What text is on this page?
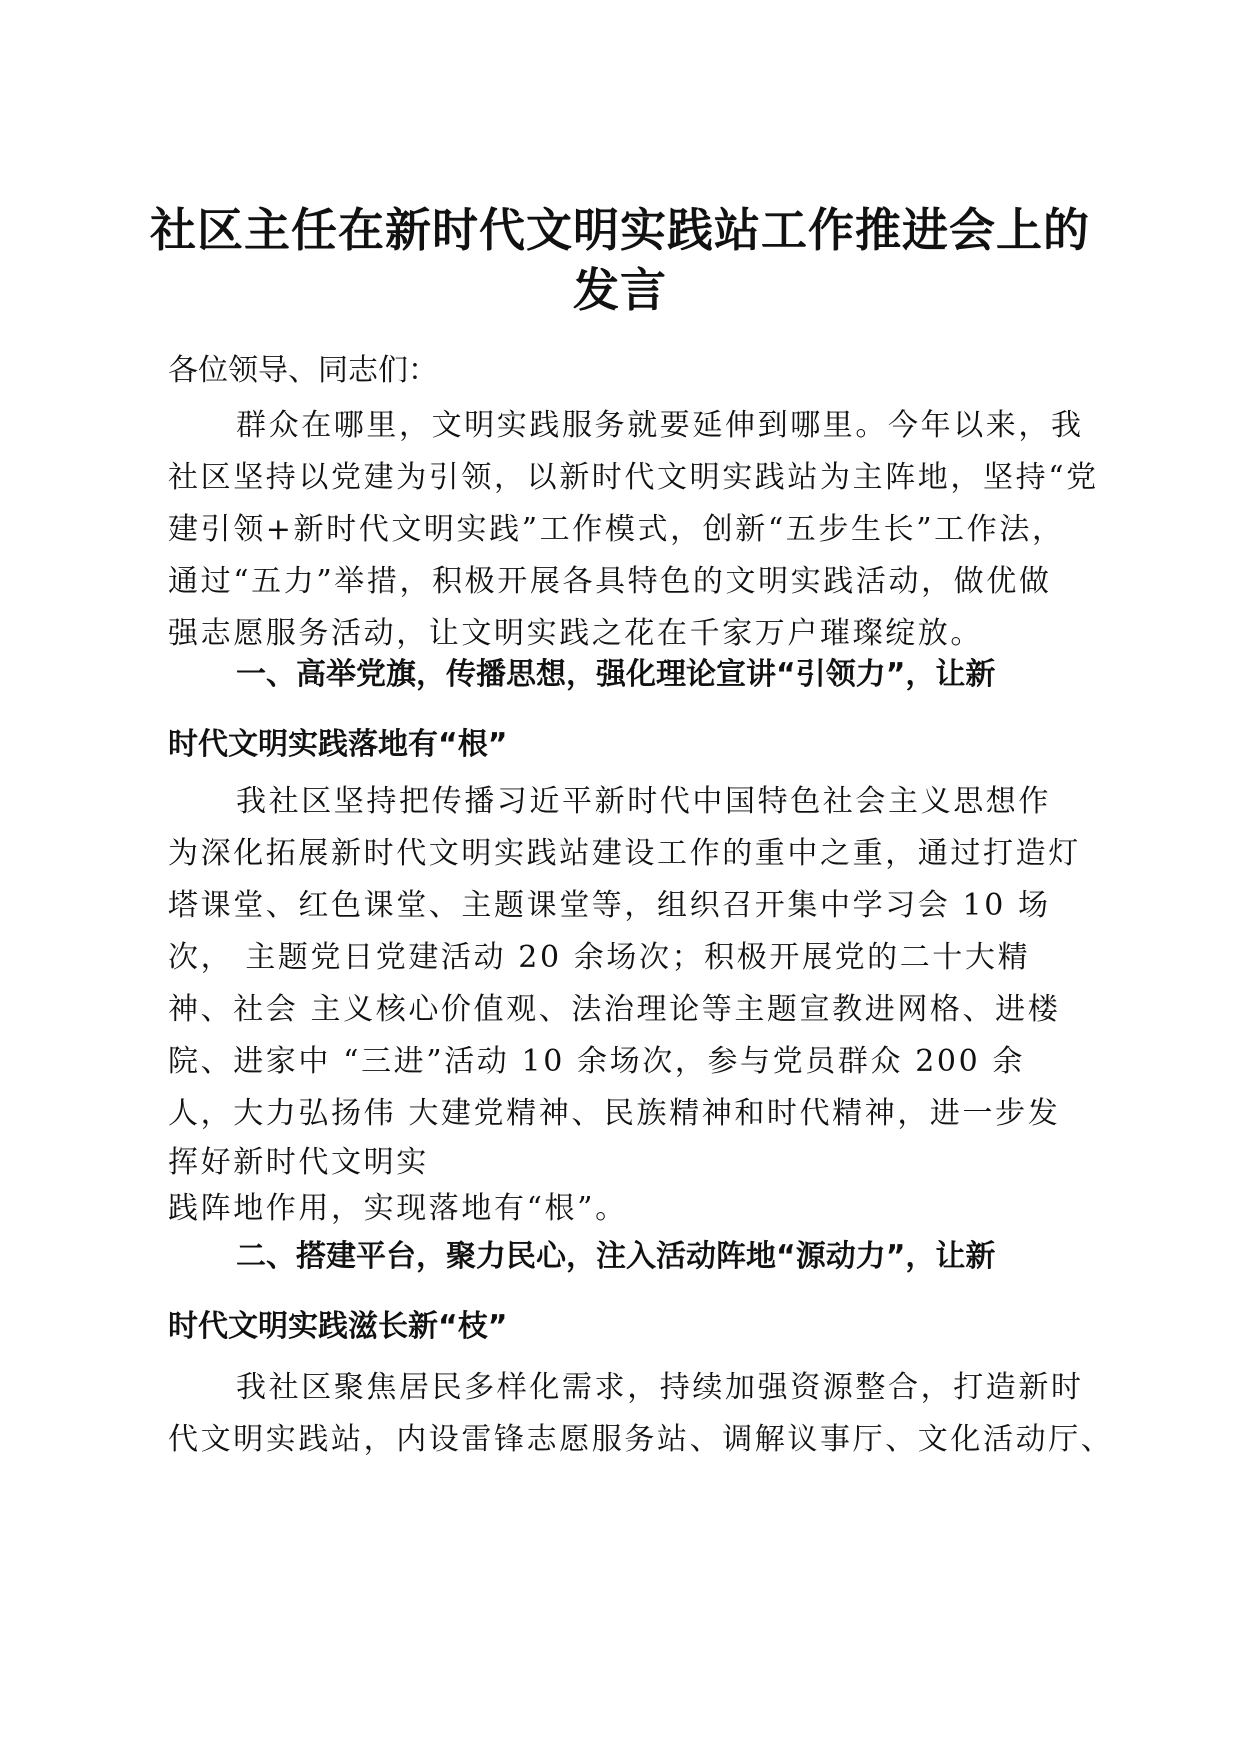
社区主任在新时代文明实践站工作推进会上的
发言

各位领导、同志们：

群众在哪里，文明实践服务就要延伸到哪里。今年以来，我
社区坚持以党建为引领，以新时代文明实践站为主阵地，坚持“党
建引领+新时代文明实践”工作模式，创新“五步生长”工作法，
通过“五力”举措，积极开展各具特色的文明实践活动，做优做
强志愿服务活动，让文明实践之花在千家万户璀璨绽放。

一、高举党旗，传播思想，强化理论宣讲“引领力”，让新
时代文明实践落地有“根”

我社区坚持把传播习近平新时代中国特色社会主义思想作
为深化拓展新时代文明实践站建设工作的重中之重，通过打造灯
塔课堂、红色课堂、主题课堂等，组织召开集中学习会 10 场
次， 主题党日党建活动 20 余场次；积极开展党的二十大精
神、社会 主义核心价值观、法治理论等主题宣教进网格、进楼
院、进家中 “三进”活动 10 余场次，参与党员群众 200 余
人，大力弘扬伟 大建党精神、民族精神和时代精神，进一步发
挥好新时代文明实
践阵地作用，实现落地有“根”。

二、搭建平台，聚力民心，注入活动阵地“源动力”，让新
时代文明实践滋长新“枝”

我社区聚焦居民多样化需求，持续加强资源整合，打造新时
代文明实践站，内设雷锋志愿服务站、调解议事厅、文化活动厅、
